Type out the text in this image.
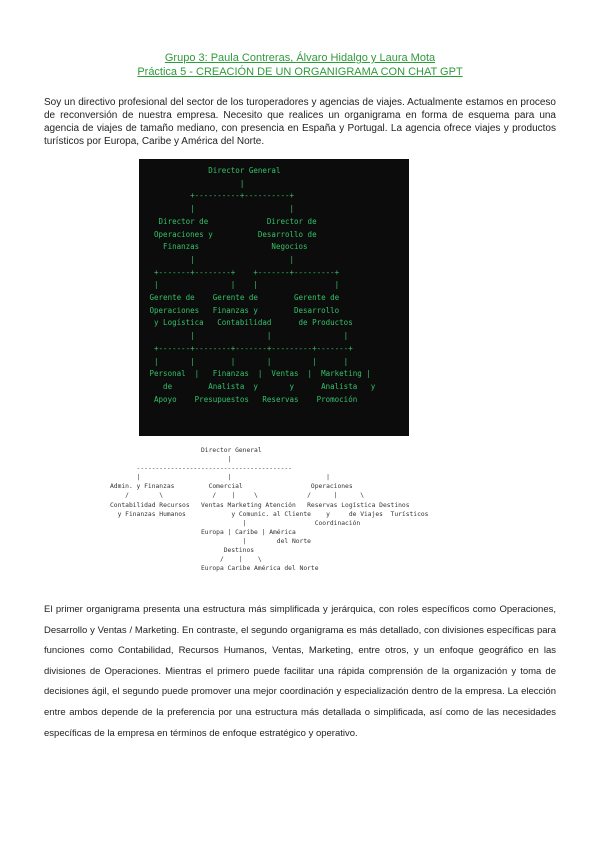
Grupo 3: Paula Contreras, Álvaro Hidalgo y Laura Mota
Práctica 5 - CREACIÓN DE UN ORGANIGRAMA CON CHAT GPT
Soy un directivo profesional del sector de los turoperadores y agencias de viajes. Actualmente estamos en proceso de reconversión de nuestra empresa. Necesito que realices un organigrama en forma de esquema para una agencia de viajes de tamaño mediano, con presencia en España y Portugal. La agencia ofrece viajes y productos turísticos por Europa, Caribe y América del Norte.
Director General
|
+----------+----------+
|                     |
Director de             Director de
Operaciones y          Desarrollo de
Finanzas                Negocios
|                     |
+-------+--------+    +-------+---------+
|                |    |                 |
Gerente de    Gerente de        Gerente de
Operaciones   Finanzas y        Desarrollo
y Logística   Contabilidad      de Productos
|                |                |
+-------+--------+-------+---------+-------+
|       |        |       |         |      |
Personal  |   Finanzas  |  Ventas  |  Marketing |
de        Analista  y       y      Analista   y
Apoyo    Presupuestos   Reservas    Promoción
Director General
|
-----------------------------------------
|                       |                         |
Admin. y Finanzas         Comercial                  Operaciones
/        \             /    |     \             /      |      \
Contabilidad Recursos   Ventas Marketing Atención   Reservas Logística Destinos
y Finanzas Humanos            y Comunic. al Cliente    y     de Viajes  Turísticos
|                  Coordinación
Europa | Caribe | América
|        del Norte
Destinos
/    |    \
Europa Caribe América del Norte
El primer organigrama presenta una estructura más simplificada y jerárquica, con roles específicos como Operaciones, Desarrollo y Ventas / Marketing. En contraste, el segundo organigrama es más detallado, con divisiones específicas para funciones como Contabilidad, Recursos Humanos, Ventas, Marketing, entre otros, y un enfoque geográfico en las divisiones de Operaciones. Mientras el primero puede facilitar una rápida comprensión de la organización y toma de decisiones ágil, el segundo puede promover una mejor coordinación y especialización dentro de la empresa. La elección entre ambos depende de la preferencia por una estructura más detallada o simplificada, así como de las necesidades específicas de la empresa en términos de enfoque estratégico y operativo.
